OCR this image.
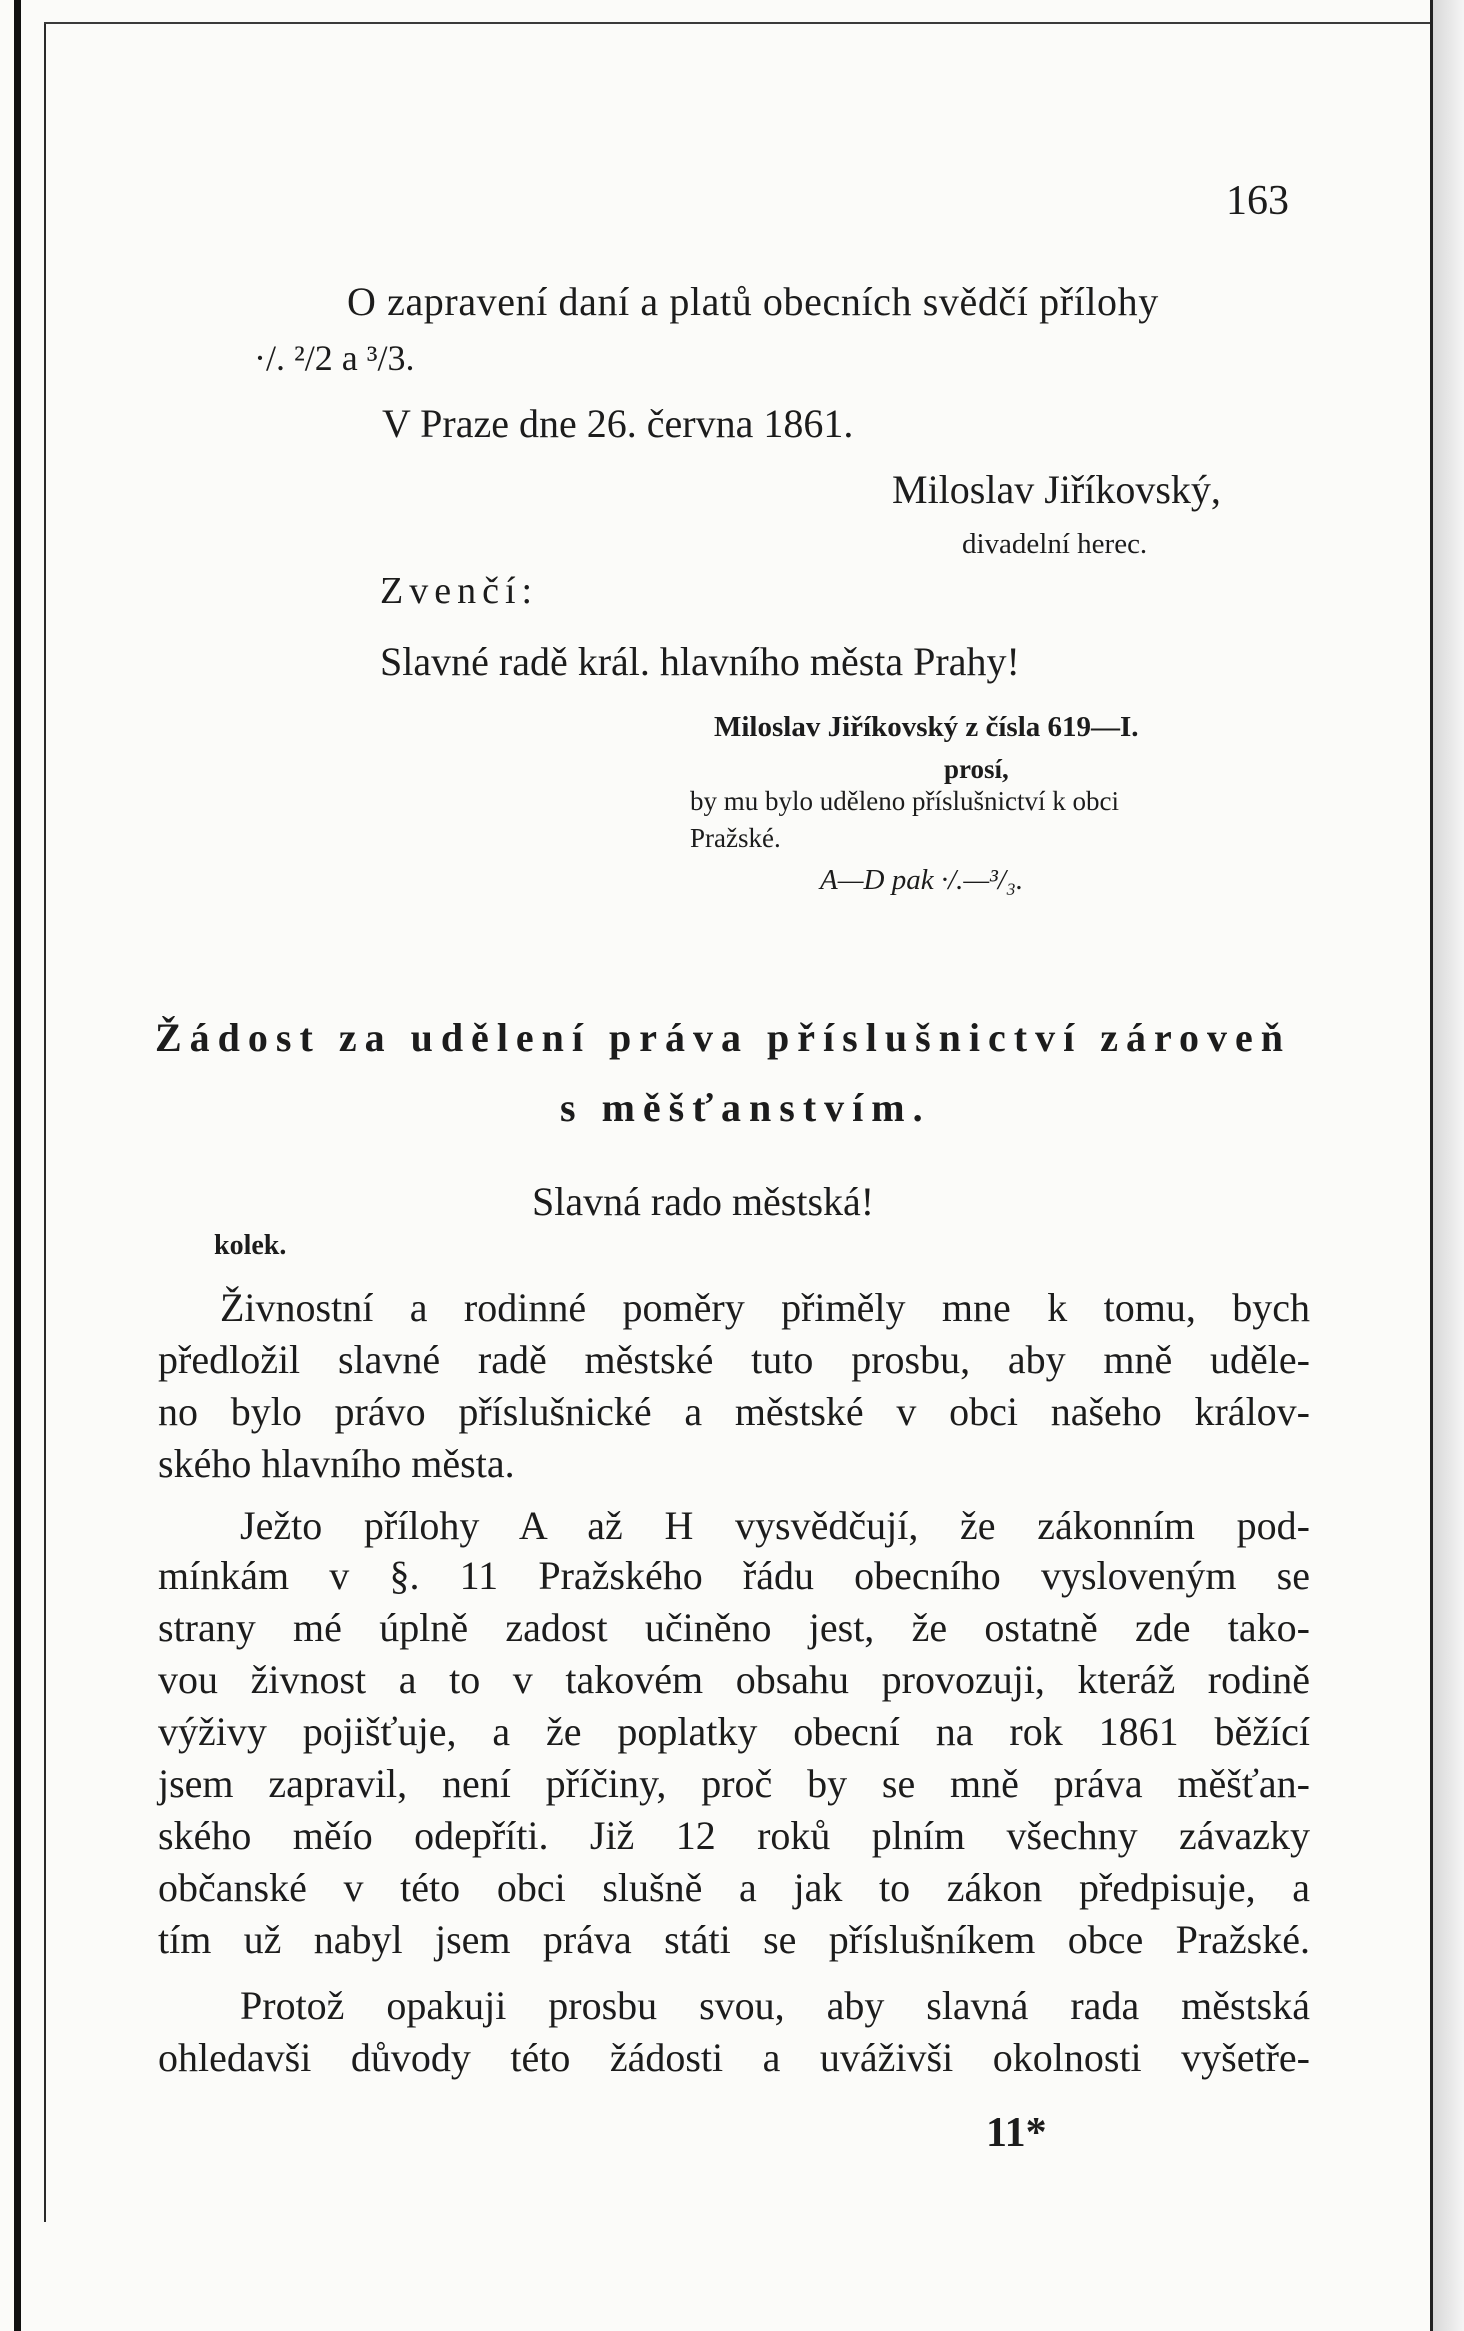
163
O zapravení daní a platů obecních svědčí přílohy
·/. ²/2 a ³/3.
V Praze dne 26. června 1861.
Miloslav Jiříkovský,
divadelní herec.
Zvenčí:
Slavné radě král. hlavního města Prahy!
Miloslav Jiříkovský z čísla 619—I.
prosí,
by mu bylo uděleno příslušnictví k obci
Pražské.
A—D pak ·/.—³/₃.
Žádost za udělení práva příslušnictví zároveň
s měšťanstvím.
Slavná rado městská!
kolek.
Živnostní a rodinné poměry přiměly mne k tomu, bych
předložil slavné radě městské tuto prosbu, aby mně uděle-
no bylo právo příslušnické a městské v obci našeho králov-
ského hlavního města.
Ježto přílohy A až H vysvědčují, že zákonním pod-
mínkám v §. 11 Pražského řádu obecního vysloveným se
strany mé úplně zadost učiněno jest, že ostatně zde tako-
vou živnost a to v takovém obsahu provozuji, kteráž rodině
výživy pojišťuje, a že poplatky obecní na rok 1861 běžící
jsem zapravil, není příčiny, proč by se mně práva měšťan-
ského měío odepříti. Již 12 roků plním všechny závazky
občanské v této obci slušně a jak to zákon předpisuje, a
tím už nabyl jsem práva státi se příslušníkem obce Pražské.
Protož opakuji prosbu svou, aby slavná rada městská
ohledavši důvody této žádosti a uváživši okolnosti vyšetře-
11*
